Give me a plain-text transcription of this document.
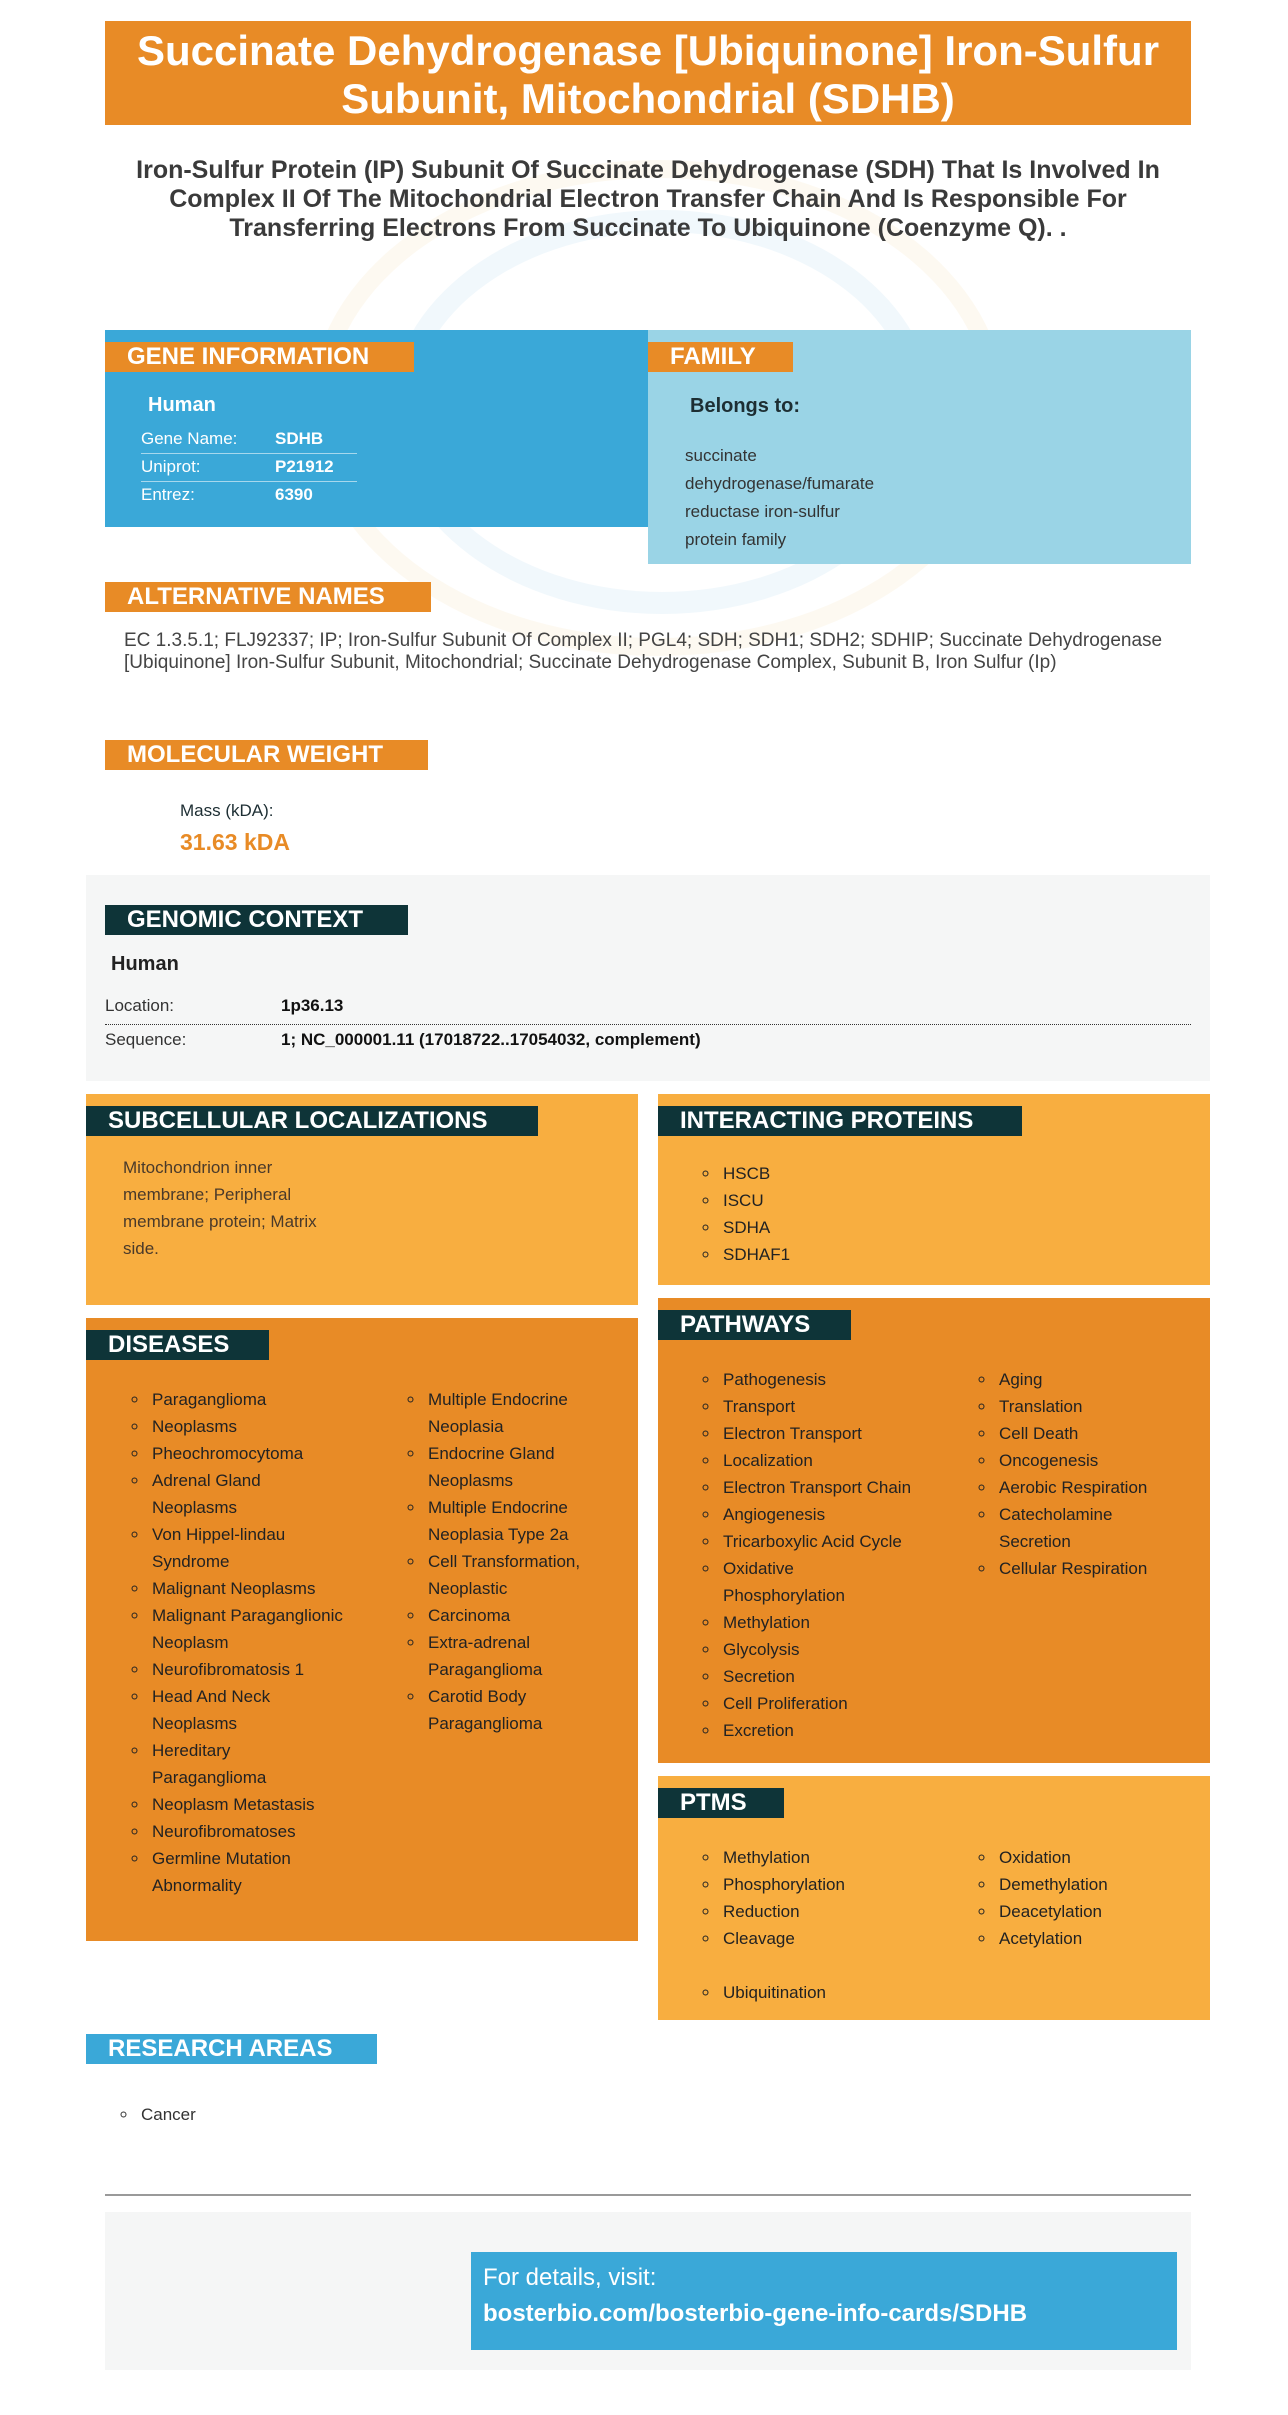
Succinate Dehydrogenase [Ubiquinone] Iron-Sulfur Subunit, Mitochondrial (SDHB)
Iron-Sulfur Protein (IP) Subunit Of Succinate Dehydrogenase (SDH) That Is Involved In Complex II Of The Mitochondrial Electron Transfer Chain And Is Responsible For Transferring Electrons From Succinate To Ubiquinone (Coenzyme Q). .
GENE INFORMATION
Human
Gene Name:	SDHB
Uniprot:	P21912
Entrez:	6390
FAMILY
Belongs to:
succinate
dehydrogenase/fumarate
reductase iron-sulfur
protein family
ALTERNATIVE NAMES
EC 1.3.5.1; FLJ92337; IP; Iron-Sulfur Subunit Of Complex II; PGL4; SDH; SDH1; SDH2; SDHIP; Succinate Dehydrogenase [Ubiquinone] Iron-Sulfur Subunit, Mitochondrial; Succinate Dehydrogenase Complex, Subunit B, Iron Sulfur (Ip)
MOLECULAR WEIGHT
Mass (kDA):
31.63 kDA
GENOMIC CONTEXT
Human
Location:	1p36.13
Sequence:	1; NC_000001.11 (17018722..17054032, complement)
SUBCELLULAR LOCALIZATIONS
Mitochondrion inner
membrane; Peripheral
membrane protein; Matrix
side.
INTERACTING PROTEINS
◦ HSCB
◦ ISCU
◦ SDHA
◦ SDHAF1
DISEASES
◦ Paraganglioma
◦ Neoplasms
◦ Pheochromocytoma
◦ Adrenal Gland Neoplasms
◦ Von Hippel-lindau Syndrome
◦ Malignant Neoplasms
◦ Malignant Paraganglionic Neoplasm
◦ Neurofibromatosis 1
◦ Head And Neck Neoplasms
◦ Hereditary Paraganglioma
◦ Neoplasm Metastasis
◦ Neurofibromatoses
◦ Germline Mutation Abnormality
◦ Multiple Endocrine Neoplasia
◦ Endocrine Gland Neoplasms
◦ Multiple Endocrine Neoplasia Type 2a
◦ Cell Transformation, Neoplastic
◦ Carcinoma
◦ Extra-adrenal Paraganglioma
◦ Carotid Body Paraganglioma
PATHWAYS
◦ Pathogenesis
◦ Transport
◦ Electron Transport
◦ Localization
◦ Electron Transport Chain
◦ Angiogenesis
◦ Tricarboxylic Acid Cycle
◦ Oxidative Phosphorylation
◦ Methylation
◦ Glycolysis
◦ Secretion
◦ Cell Proliferation
◦ Excretion
◦ Aging
◦ Translation
◦ Cell Death
◦ Oncogenesis
◦ Aerobic Respiration
◦ Catecholamine Secretion
◦ Cellular Respiration
PTMS
◦ Methylation
◦ Phosphorylation
◦ Reduction
◦ Cleavage
◦ Oxidation
◦ Demethylation
◦ Deacetylation
◦ Acetylation
◦ Ubiquitination
RESEARCH AREAS
◦ Cancer
For details, visit:
bosterbio.com/bosterbio-gene-info-cards/SDHB
